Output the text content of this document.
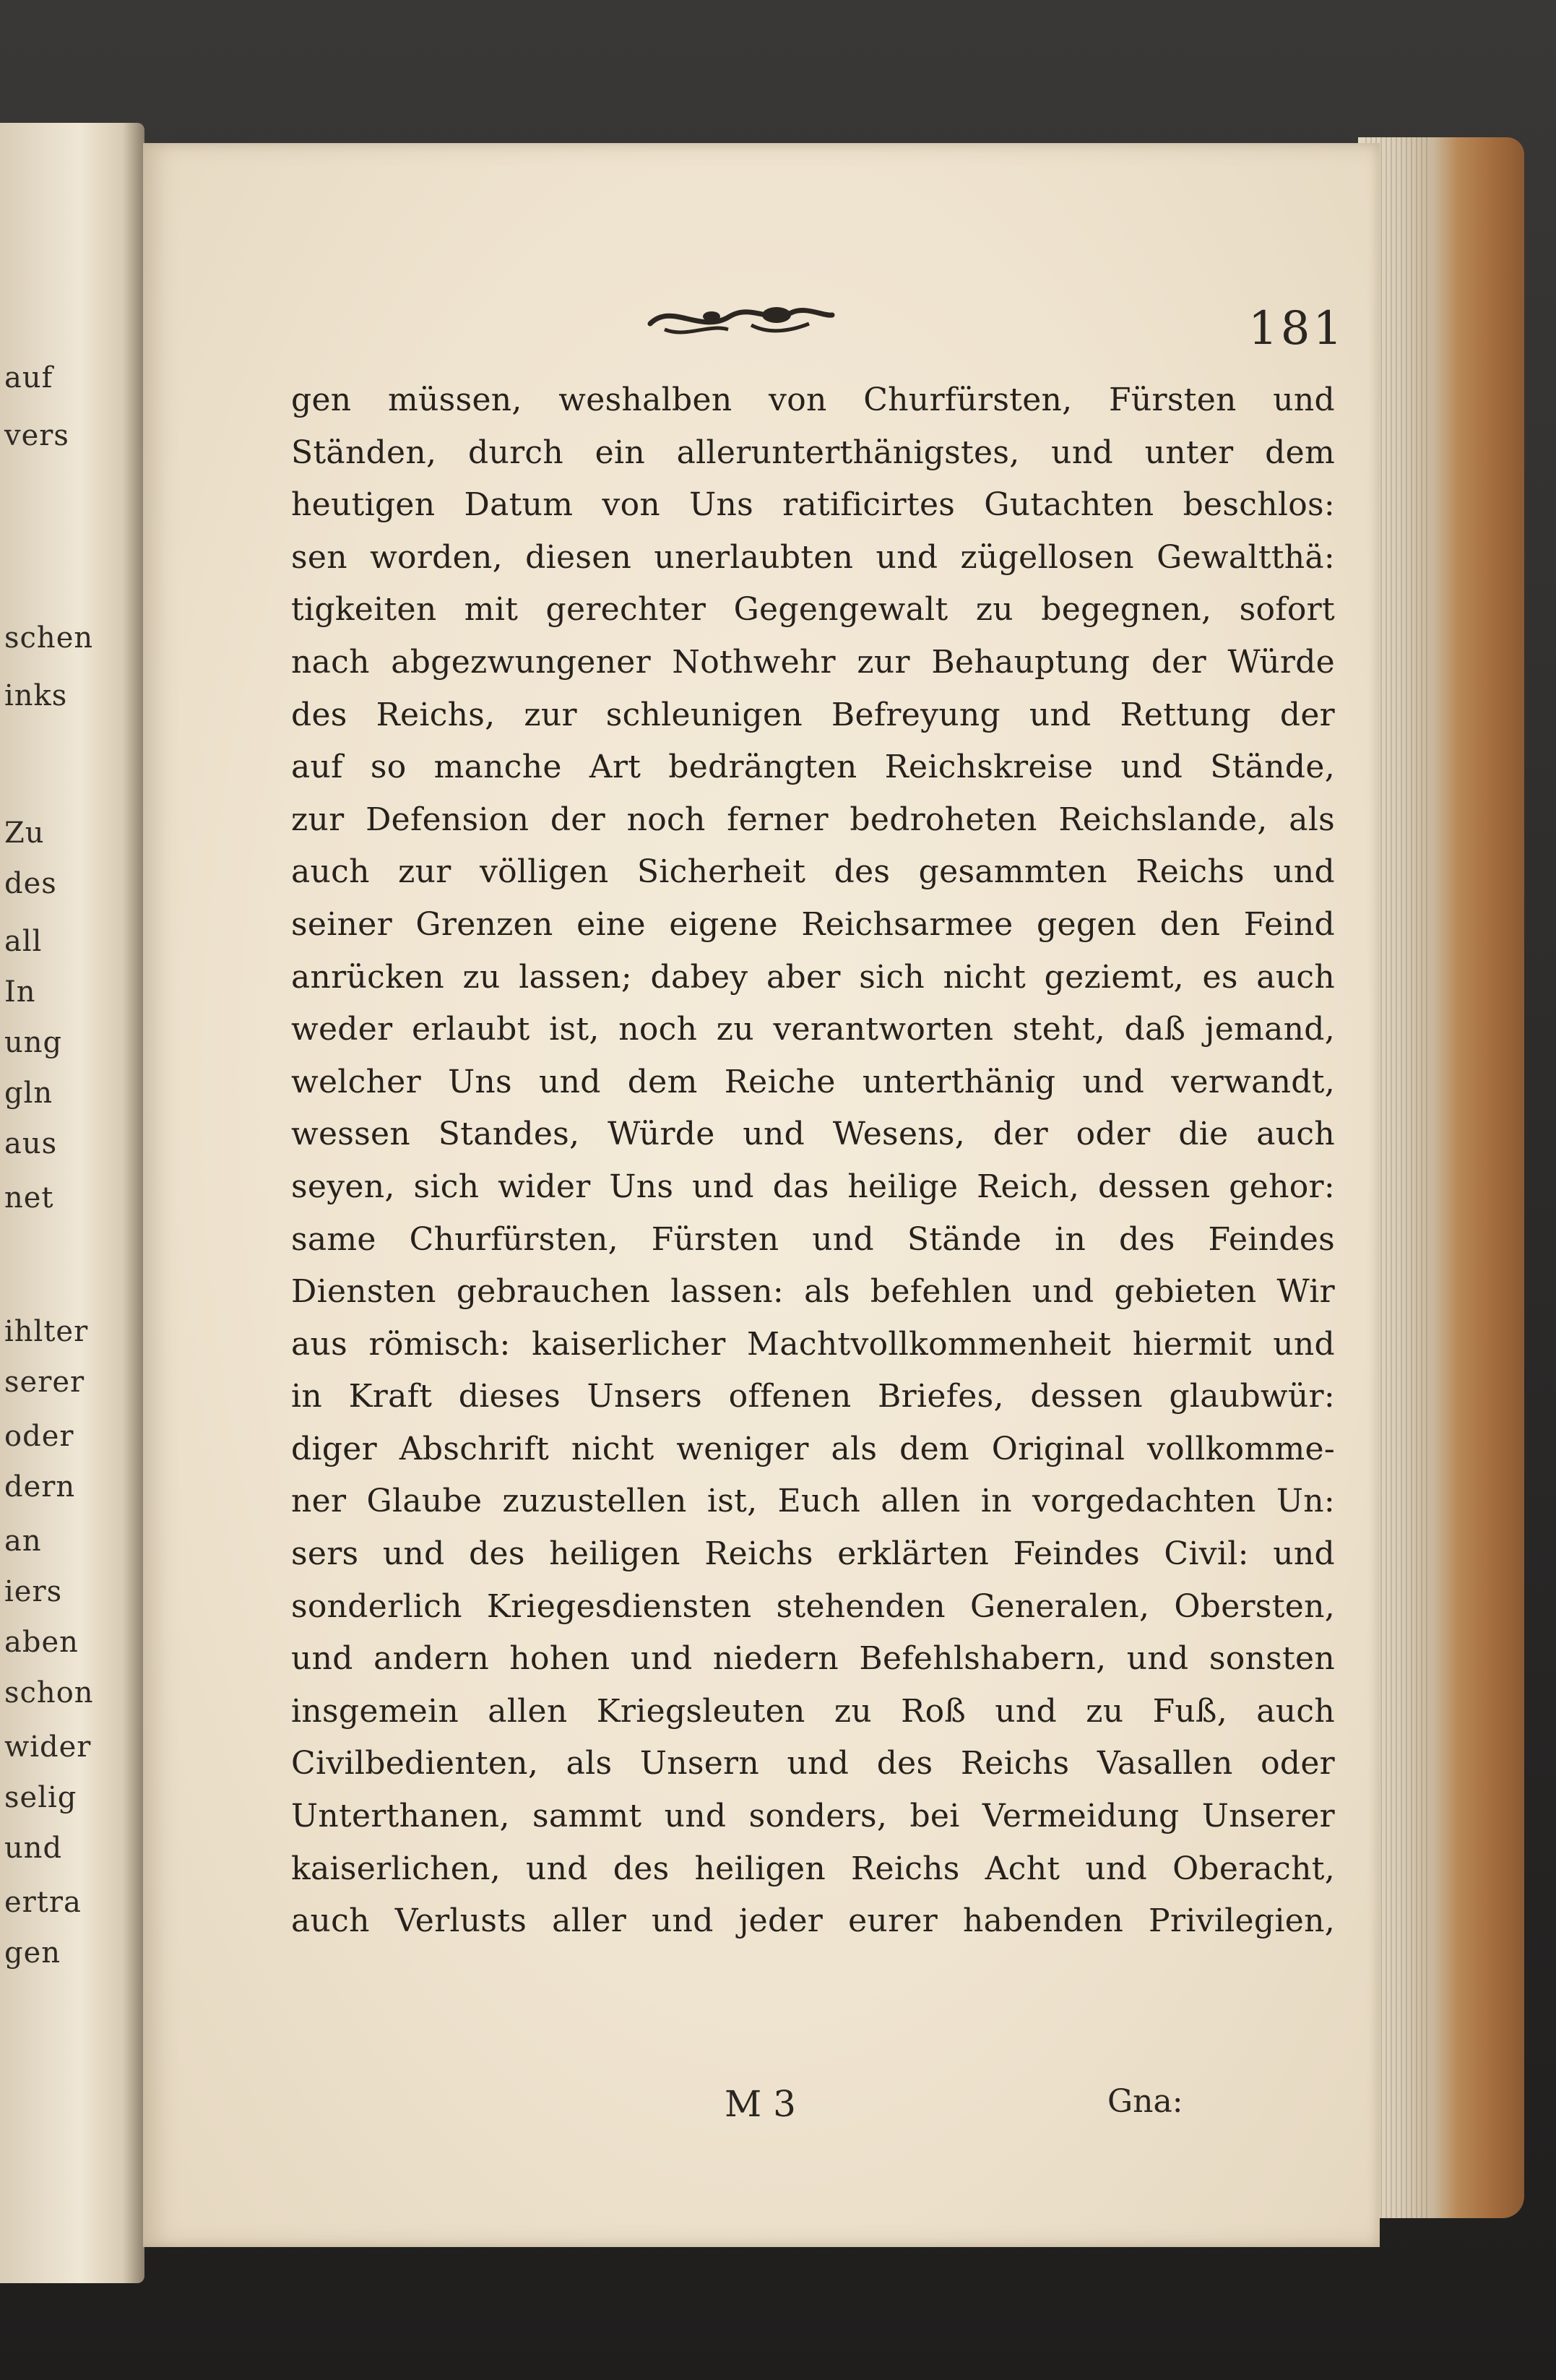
auf
vers
schen
inks
Zu
des
all
In
ung
gln
aus
net
ihlter
serer
oder
dern
an
iers
aben
schon
wider
selig
und
ertra
gen
181
gen müssen, weshalben von Churfürsten, Fürsten und
Ständen, durch ein allerunterthänigstes, und unter dem
heutigen Datum von Uns ratificirtes Gutachten beschlos:
sen worden, diesen unerlaubten und zügellosen Gewaltthä:
tigkeiten mit gerechter Gegengewalt zu begegnen, sofort
nach abgezwungener Nothwehr zur Behauptung der Würde
des Reichs, zur schleunigen Befreyung und Rettung der
auf so manche Art bedrängten Reichskreise und Stände,
zur Defension der noch ferner bedroheten Reichslande, als
auch zur völligen Sicherheit des gesammten Reichs und
seiner Grenzen eine eigene Reichsarmee gegen den Feind
anrücken zu lassen; dabey aber sich nicht geziemt, es auch
weder erlaubt ist, noch zu verantworten steht, daß jemand,
welcher Uns und dem Reiche unterthänig und verwandt,
wessen Standes, Würde und Wesens, der oder die auch
seyen, sich wider Uns und das heilige Reich, dessen gehor:
same Churfürsten, Fürsten und Stände in des Feindes
Diensten gebrauchen lassen: als befehlen und gebieten Wir
aus römisch: kaiserlicher Machtvollkommenheit hiermit und
in Kraft dieses Unsers offenen Briefes, dessen glaubwür:
diger Abschrift nicht weniger als dem Original vollkomme-
ner Glaube zuzustellen ist, Euch allen in vorgedachten Un:
sers und des heiligen Reichs erklärten Feindes Civil: und
sonderlich Kriegesdiensten stehenden Generalen, Obersten,
und andern hohen und niedern Befehlshabern, und sonsten
insgemein allen Kriegsleuten zu Roß und zu Fuß, auch
Civilbedienten, als Unsern und des Reichs Vasallen oder
Unterthanen, sammt und sonders, bei Vermeidung Unserer
kaiserlichen, und des heiligen Reichs Acht und Oberacht,
auch Verlusts aller und jeder eurer habenden Privilegien,
M 3	Gna:
